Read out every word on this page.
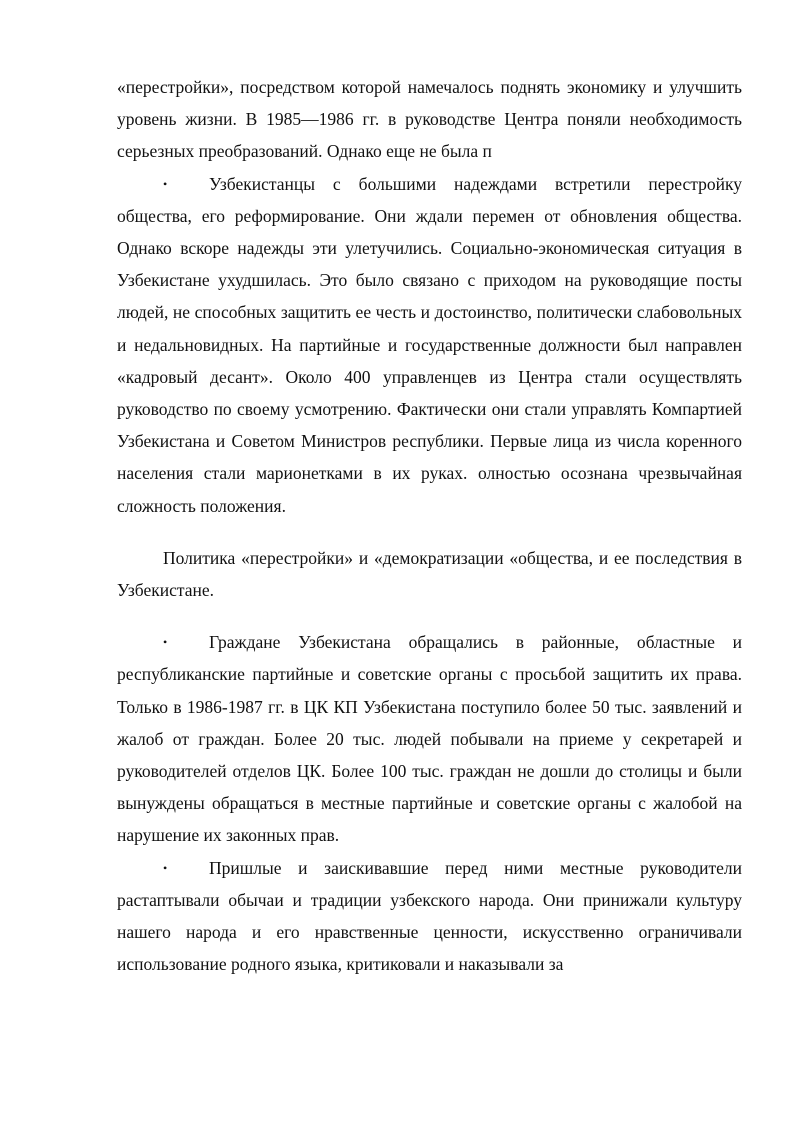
«перестройки», посредством которой намечалось поднять экономику и улучшить уровень жизни. В 1985—1986 гг. в руководстве Центра поняли необходимость серьезных преобразований. Однако еще не была п

• Узбекистанцы с большими надеждами встретили перестройку общества, его реформирование. Они ждали перемен от обновления общества. Однако вскоре надежды эти улетучились. Социально-экономическая ситуация в Узбекистане ухудшилась. Это было связано с приходом на руководящие посты людей, не способных защитить ее честь и достоинство, политически слабовольных и недальновидных. На партийные и государственные должности был направлен «кадровый десант». Около 400 управленцев из Центра стали осуществлять руководство по своему усмотрению. Фактически они стали управлять Компартией Узбекистана и Советом Министров республики. Первые лица из числа коренного населения стали марионетками в их руках. олностью осознана чрезвычайная сложность положения.

Политика «перестройки» и «демократизации «общества, и ее последствия в Узбекистане.

• Граждане Узбекистана обращались в районные, областные и республиканские партийные и советские органы с просьбой защитить их права. Только в 1986-1987 гг. в ЦК КП Узбекистана поступило более 50 тыс. заявлений и жалоб от граждан. Более 20 тыс. людей побывали на приеме у секретарей и руководителей отделов ЦК. Более 100 тыс. граждан не дошли до столицы и были вынуждены обращаться в местные партийные и советские органы с жалобой на нарушение их законных прав.

• Пришлые и заискивавшие перед ними местные руководители растаптывали обычаи и традиции узбекского народа. Они принижали культуру нашего народа и его нравственные ценности, искусственно ограничивали использование родного языка, критиковали и наказывали за
